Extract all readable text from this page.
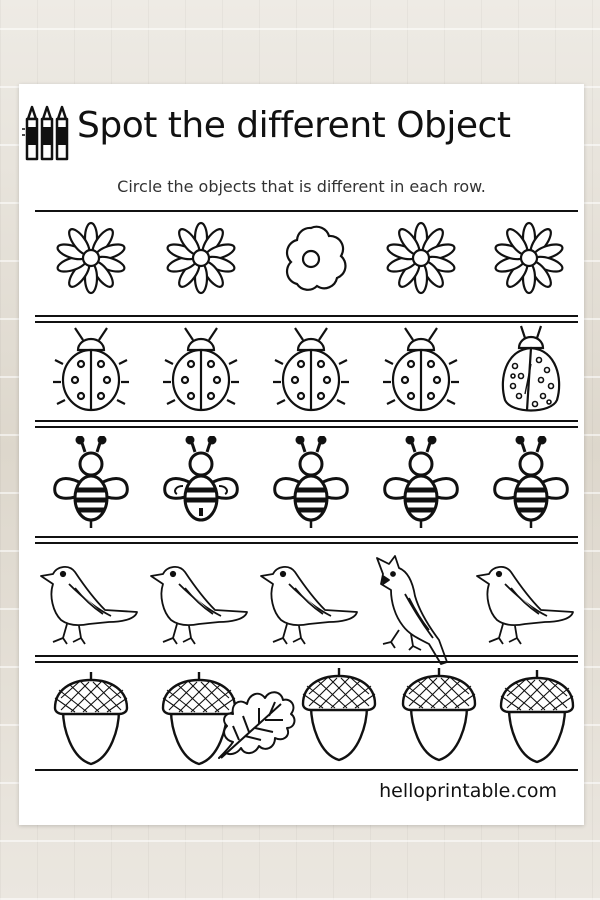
Spot the different Object
Circle the objects that is different in each row.
helloprintable.com
